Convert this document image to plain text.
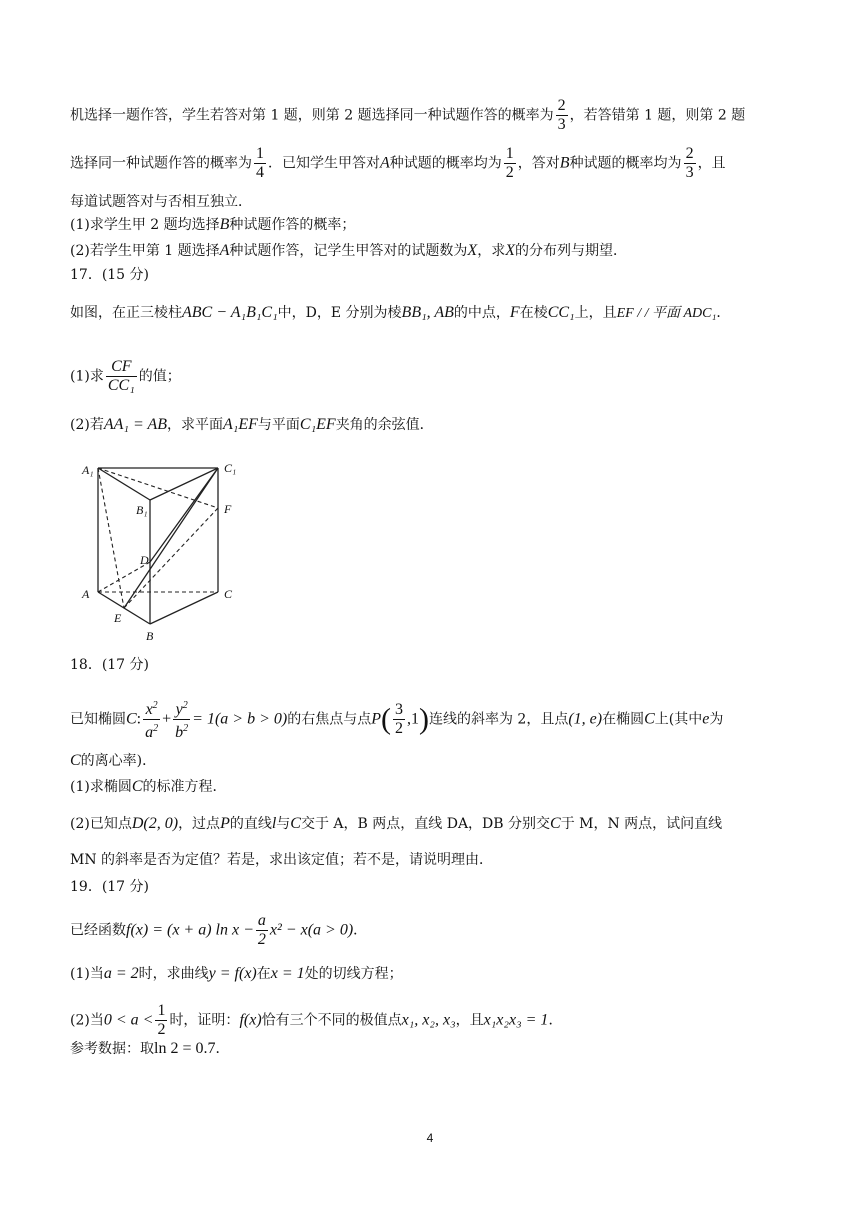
机选择一题作答，学生若答对第 1 题，则第 2 题选择同一种试题作答的概率为 $\frac{2}{3}$ ，若答错第 1 题，则第 2 题
选择同一种试题作答的概率为 $\frac{1}{4}$ ．已知学生甲答对A种试题的概率均为 $\frac{1}{2}$ ，答对B种试题的概率均为 $\frac{2}{3}$ ，且
每道试题答对与否相互独立．
(1)求学生甲 2 题均选择B种试题作答的概率；
(2)若学生甲第 1 题选择A种试题作答，记学生甲答对的试题数为X，求X的分布列与期望．
17．(15 分)
如图，在正三棱柱ABC − A₁B₁C₁中，D，E 分别为棱BB₁, AB的中点，F在棱CC₁上，且EF / / 平面 ADC₁．
(1)求 $\frac{CF}{\text{CC₁}}$ 的值；
(2)若AA₁ = AB，求平面A₁EF与平面C₁EF夹角的余弦值．
A₁	C₁
B₁	F
D
A	C
E
B
18．(17 分)
已知椭圆C: $\frac{x^2}{a^2} + \frac{y^2}{b^2} = 1(a > b > 0)$的右焦点与点$P( \frac{3}{2} ,1)$连线的斜率为 2，且点(1, e)在椭圆C上(其中e为
C的离心率)．
(1)求椭圆C的标准方程．
(2)已知点D(2, 0)，过点P的直线l与C交于 A，B 两点，直线 DA，DB 分别交C于 M，N 两点，试问直线
MN 的斜率是否为定值？若是，求出该定值；若不是，请说明理由．
19．(17 分)
已经函数f(x) = (x + a) $\ln x - \frac{a}{2} x^2 - x(a > 0)$．
(1)当a = 2时，求曲线y = f(x)在x = 1处的切线方程；
(2)当$0 < a < \frac{1}{2}$ 时，证明：f(x)恰有三个不同的极值点x₁, x₂, x₃，且x₁x₂x₃ = 1．
参考数据：取ln 2 = 0.7．
4
